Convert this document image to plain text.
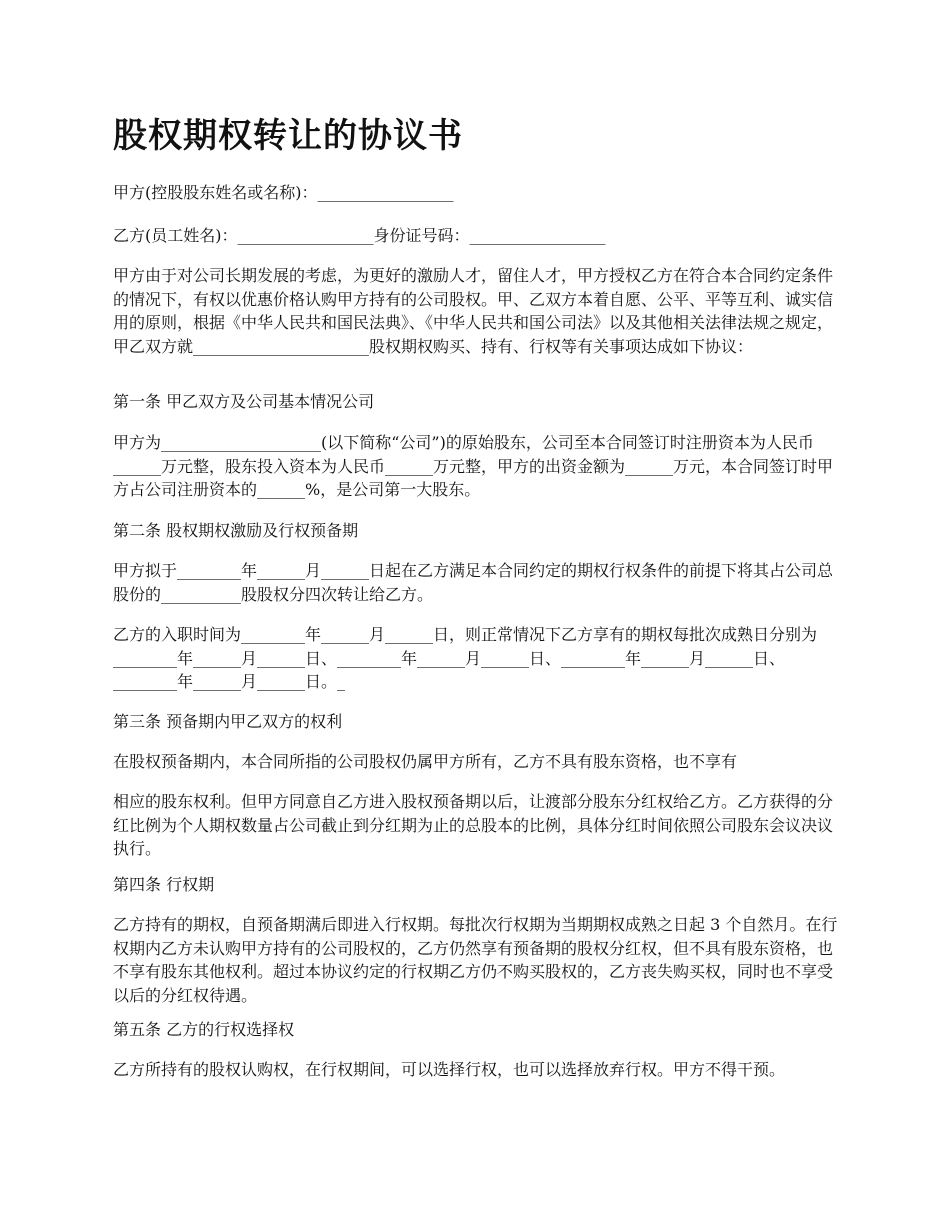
股权期权转让的协议书

甲方(控股股东姓名或名称)：_________________

乙方(员工姓名)：_________________身份证号码：_________________

甲方由于对公司长期发展的考虑，为更好的激励人才，留住人才，甲方授权乙方在符合本合同约定条件的情况下，有权以优惠价格认购甲方持有的公司股权。甲、乙双方本着自愿、公平、平等互利、诚实信用的原则，根据《中华人民共和国民法典》、《中华人民共和国公司法》以及其他相关法律法规之规定，甲乙双方就______________________股权期权购买、持有、行权等有关事项达成如下协议：

第一条 甲乙双方及公司基本情况公司

甲方为____________________(以下简称“公司”)的原始股东，公司至本合同签订时注册资本为人民币______万元整，股东投入资本为人民币______万元整，甲方的出资金额为______万元，本合同签订时甲方占公司注册资本的______%，是公司第一大股东。

第二条 股权期权激励及行权预备期

甲方拟于________年______月______日起在乙方满足本合同约定的期权行权条件的前提下将其占公司总股份的__________股股权分四次转让给乙方。

乙方的入职时间为________年______月______日，则正常情况下乙方享有的期权每批次成熟日分别为________年______月______日、________年______月______日、________年______月______日、________年______月______日。_

第三条 预备期内甲乙双方的权利

在股权预备期内，本合同所指的公司股权仍属甲方所有，乙方不具有股东资格，也不享有

相应的股东权利。但甲方同意自乙方进入股权预备期以后，让渡部分股东分红权给乙方。乙方获得的分红比例为个人期权数量占公司截止到分红期为止的总股本的比例，具体分红时间依照公司股东会议决议执行。

第四条 行权期

乙方持有的期权，自预备期满后即进入行权期。每批次行权期为当期期权成熟之日起 3 个自然月。在行权期内乙方未认购甲方持有的公司股权的，乙方仍然享有预备期的股权分红权，但不具有股东资格，也不享有股东其他权利。超过本协议约定的行权期乙方仍不购买股权的，乙方丧失购买权，同时也不享受以后的分红权待遇。

第五条 乙方的行权选择权

乙方所持有的股权认购权，在行权期间，可以选择行权，也可以选择放弃行权。甲方不得干预。
